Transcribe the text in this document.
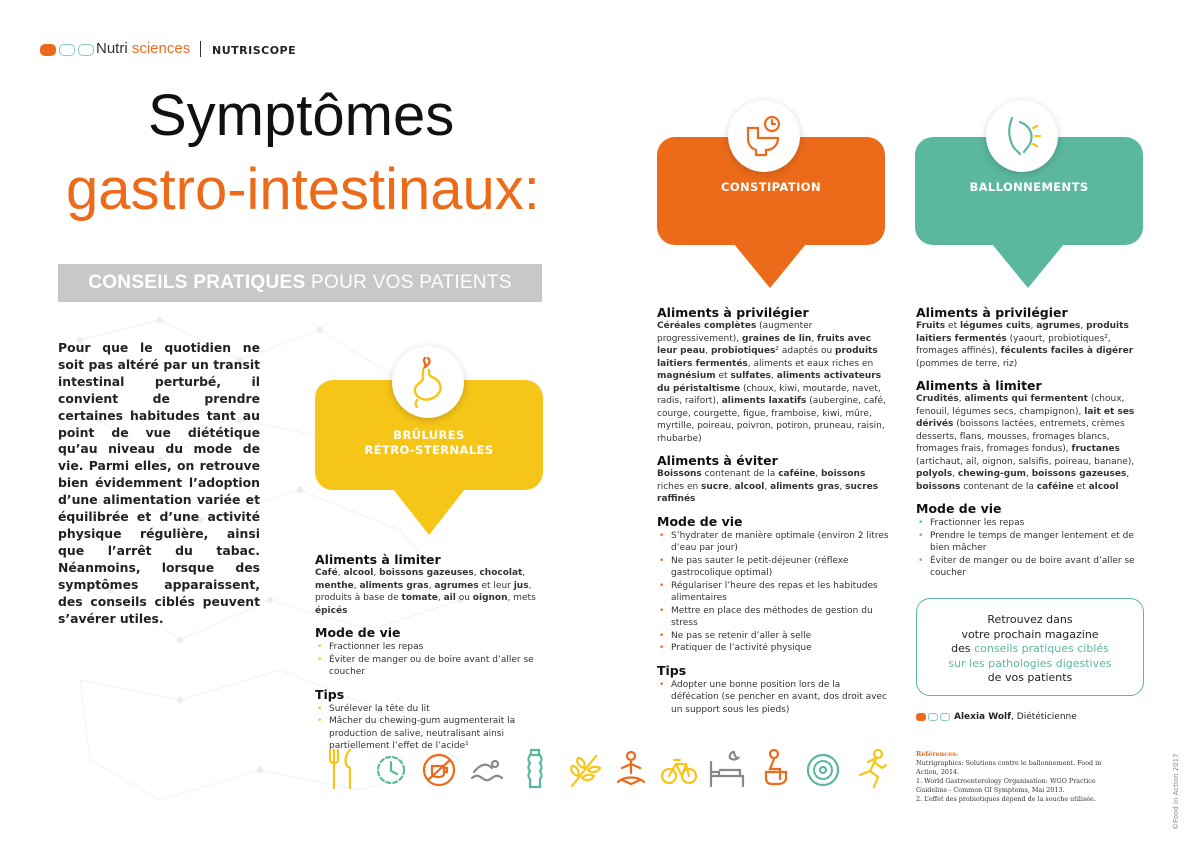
Nutri sciences NUTRISCOPE
Symptômes
gastro-intestinaux:
CONSEILS PRATIQUES POUR VOS PATIENTS
Pour que le quotidien ne soit pas altéré par un transit intestinal perturbé, il convient de prendre certaines habitudes tant au point de vue diététique qu’au niveau du mode de vie. Parmi elles, on retrouve bien évidemment l’adoption d’une alimentation variée et équilibrée et d’une activité physique régulière, ainsi que l’arrêt du tabac. Néanmoins, lorsque des symptômes apparaissent, des conseils ciblés peuvent s’avérer utiles.
BRÛLURES
RÉTRO-STERNALES
CONSTIPATION	BALLONNEMENTS
Aliments à limiter

Café, alcool, boissons gazeuses, chocolat, menthe, aliments gras, agrumes et leur jus, produits à base de tomate, ail ou oignon, mets épicés

Mode de vie
• Fractionner les repas
• Éviter de manger ou de boire avant d’aller se coucher
Tips
• Surélever la tête du lit
• Mâcher du chewing-gum augmenterait la production de salive, neutralisant ainsi partiellement l’effet de l’acide¹
Aliments à privilégier

Céréales complètes (augmenter progressivement), graines de lin, fruits avec leur peau, probiotiques² adaptés ou produits laitiers fermentés, aliments et eaux riches en magnésium et sulfates, aliments activateurs du péristaltisme (choux, kiwi, moutarde, navet, radis, raifort), aliments laxatifs (aubergine, café, courge, courgette, figue, framboise, kiwi, mûre, myrtille, poireau, poivron, potiron, pruneau, raisin, rhubarbe)

Aliments à éviter

Boissons contenant de la caféine, boissons riches en sucre, alcool, aliments gras, sucres raffinés

Mode de vie
• S’hydrater de manière optimale (environ 2 litres d’eau par jour)
• Ne pas sauter le petit-déjeuner (réflexe gastrocolique optimal)
• Régulariser l’heure des repas et les habitudes alimentaires
• Mettre en place des méthodes de gestion du stress
• Ne pas se retenir d’aller à selle
• Pratiquer de l’activité physique
Tips
• Adopter une bonne position lors de la défécation (se pencher en avant, dos droit avec un support sous les pieds)
Aliments à privilégier

Fruits et légumes cuits, agrumes, produits laitiers fermentés (yaourt, probiotiques², fromages affinés), féculents faciles à digérer (pommes de terre, riz)

Aliments à limiter

Crudités, aliments qui fermentent (choux, fenouil, légumes secs, champignon), lait et ses dérivés (boissons lactées, entremets, crèmes desserts, flans, mousses, fromages blancs, fromages frais, fromages fondus), fructanes (artichaut, ail, oignon, salsifis, poireau, banane), polyols, chewing-gum, boissons gazeuses, boissons contenant de la caféine et alcool

Mode de vie
• Fractionner les repas
• Prendre le temps de manger lentement et de bien mâcher
• Éviter de manger ou de boire avant d’aller se coucher
Retrouvez dans
votre prochain magazine
des conseils pratiques ciblés
sur les pathologies digestives
de vos patients
Alexia Wolf, Diététicienne
Références:
Nutrigraphics: Solutions contre le ballonnement. Food in Action, 2014.
1. World Gastroenterology Organisation: WGO Practice Guideline - Common GI Symptoms, Mai 2013.
2. L’effet des probiotiques dépend de la souche utilisée.	©Food in Action 2017
